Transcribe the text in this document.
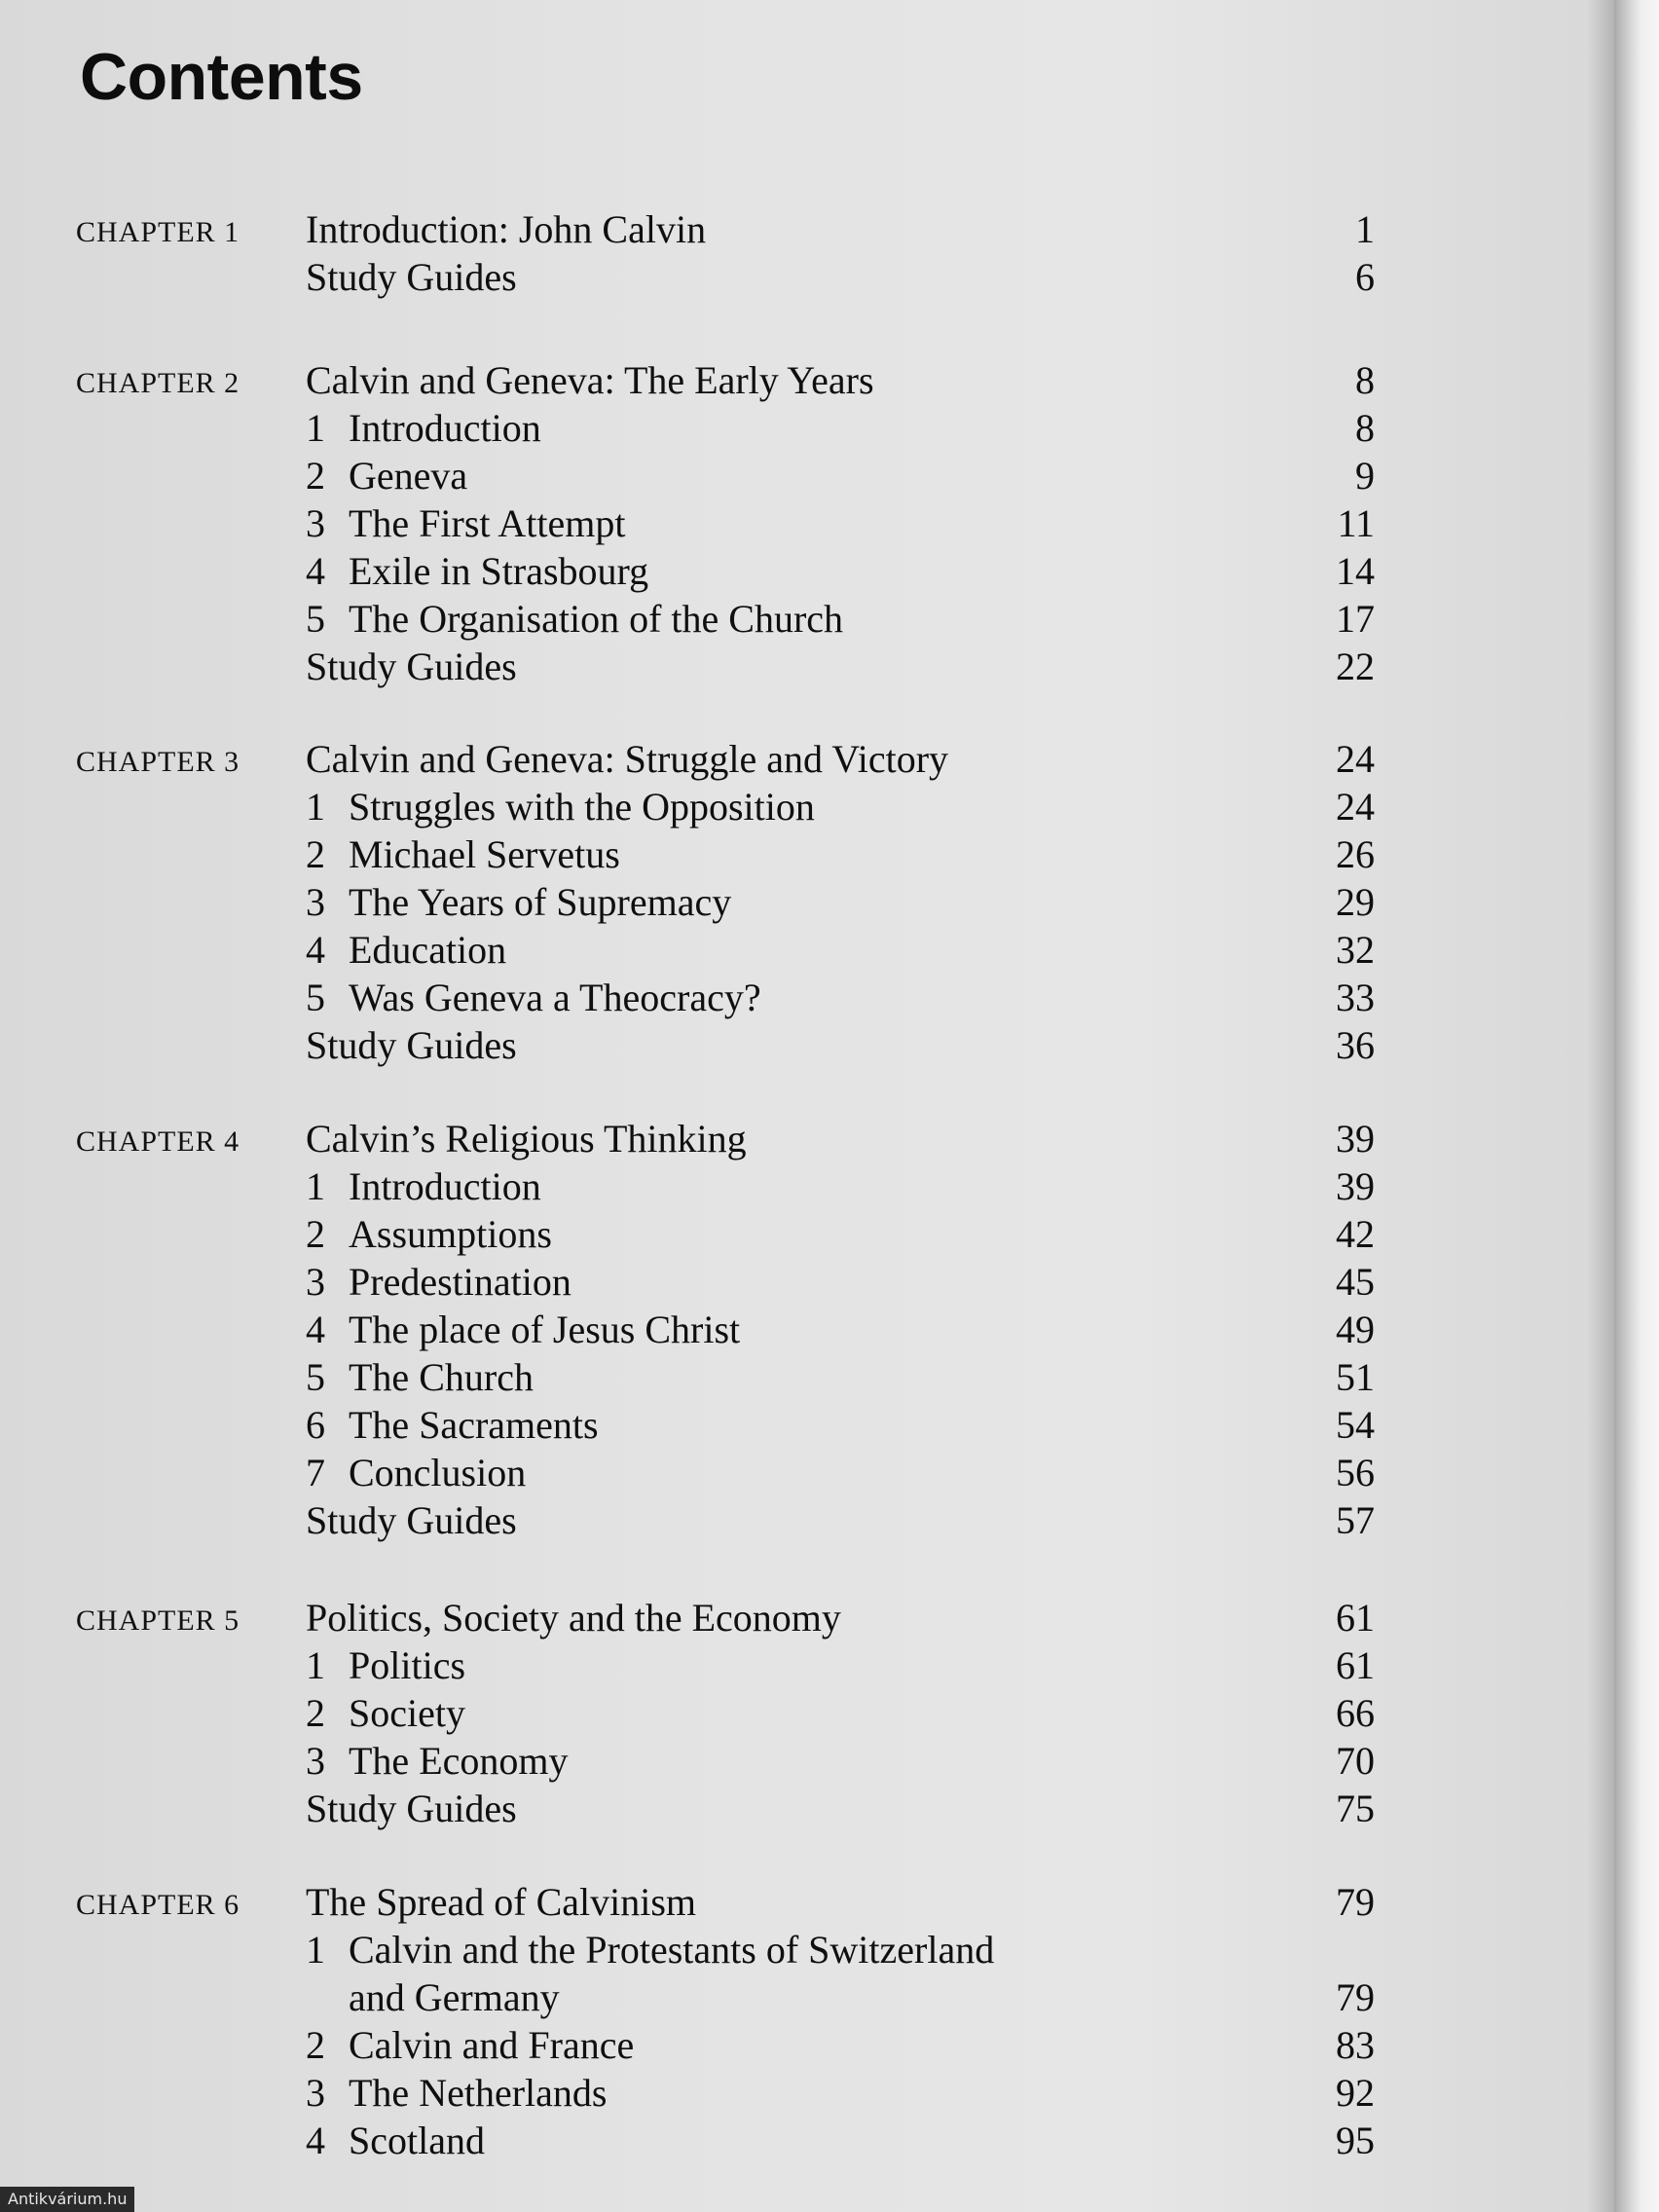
Contents
CHAPTER 1 Introduction: John Calvin	1
Study Guides	6
CHAPTER 2 Calvin and Geneva: The Early Years	8
1 Introduction	8
2 Geneva	9
3 The First Attempt	11
4 Exile in Strasbourg	14
5 The Organisation of the Church	17
Study Guides	22
CHAPTER 3 Calvin and Geneva: Struggle and Victory	24
1 Struggles with the Opposition	24
2 Michael Servetus	26
3 The Years of Supremacy	29
4 Education	32
5 Was Geneva a Theocracy?	33
Study Guides	36
CHAPTER 4 Calvin’s Religious Thinking	39
1 Introduction	39
2 Assumptions	42
3 Predestination	45
4 The place of Jesus Christ	49
5 The Church	51
6 The Sacraments	54
7 Conclusion	56
Study Guides	57
CHAPTER 5 Politics, Society and the Economy	61
1 Politics	61
2 Society	66
3 The Economy	70
Study Guides	75
CHAPTER 6 The Spread of Calvinism	79
1 Calvin and the Protestants of Switzerland
and Germany	79
2 Calvin and France	83
3 The Netherlands	92
4 Scotland	95
Antikvárium.hu
